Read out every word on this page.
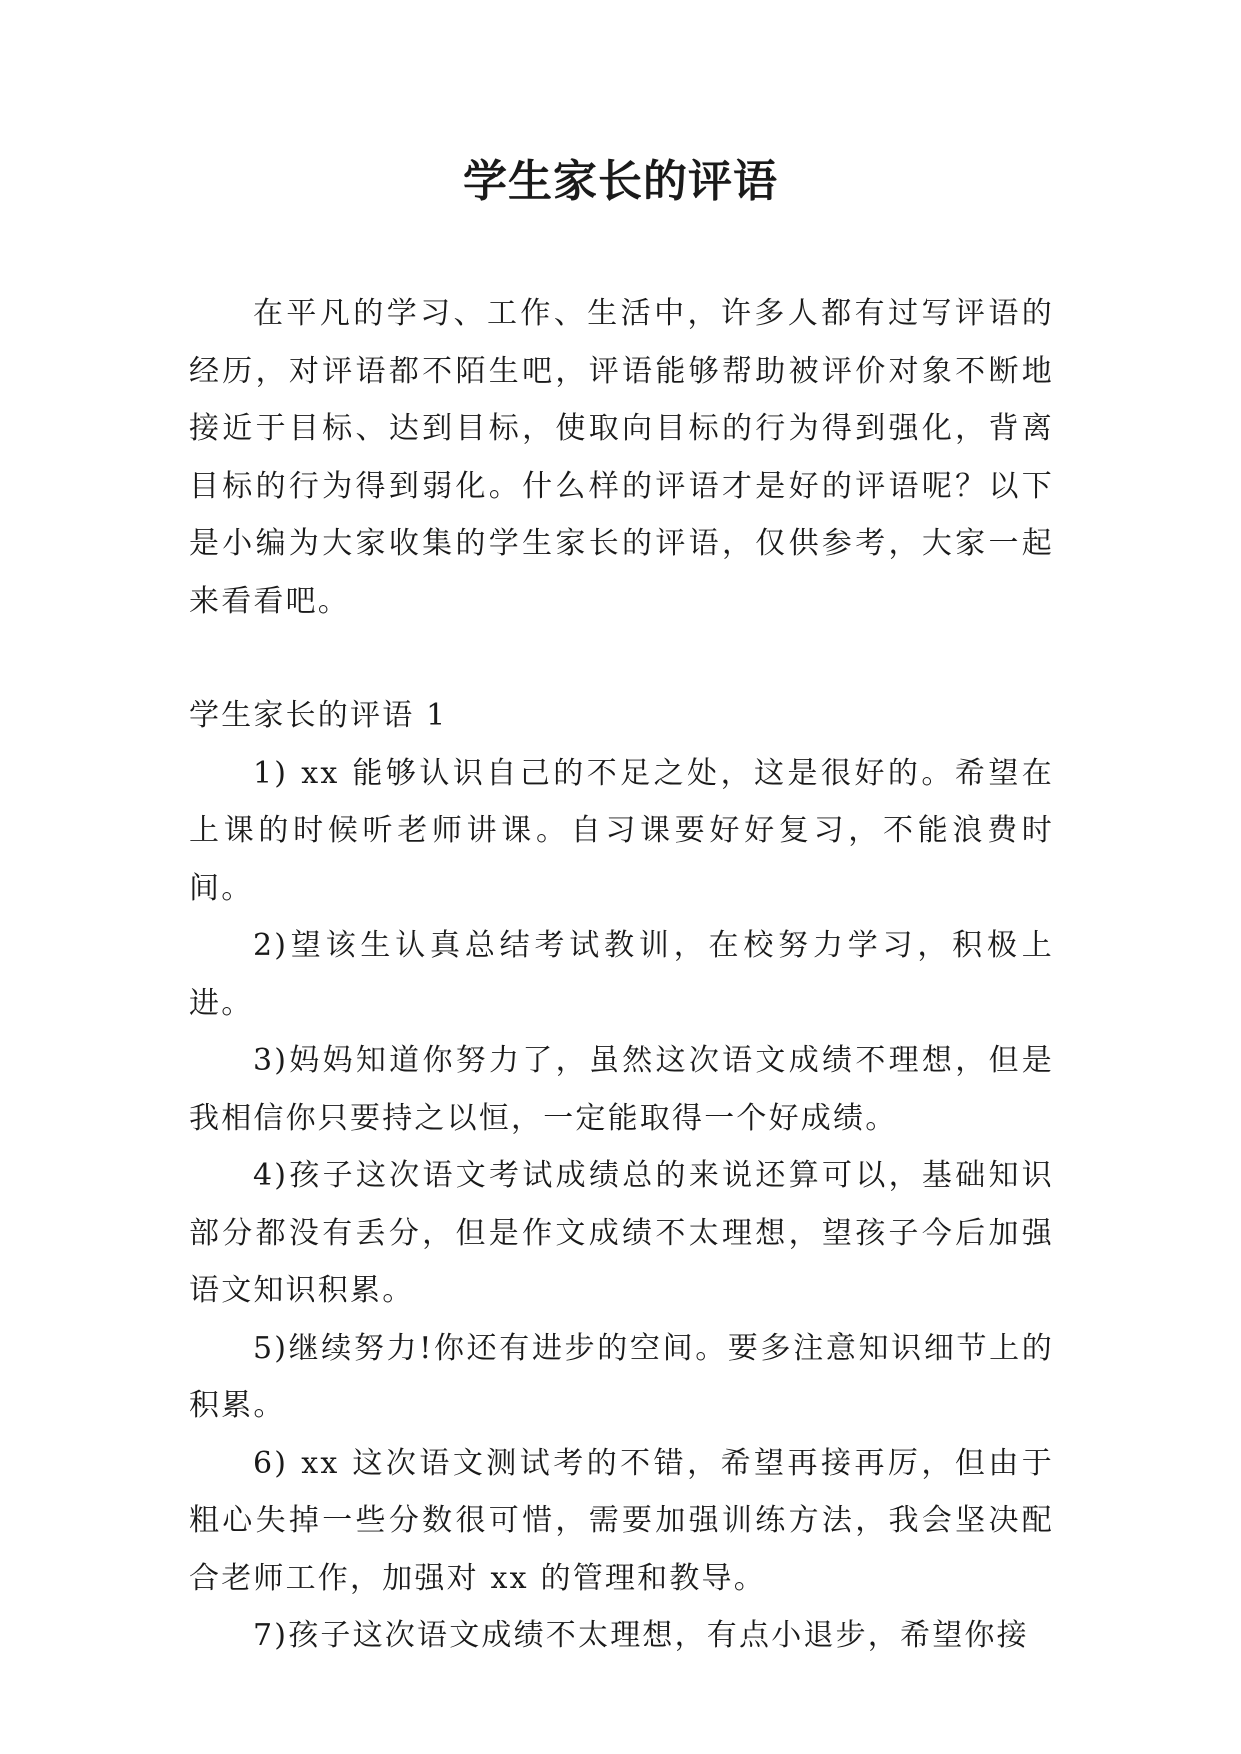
学生家长的评语

在平凡的学习、工作、生活中，许多人都有过写评语的经历，对评语都不陌生吧，评语能够帮助被评价对象不断地接近于目标、达到目标，使取向目标的行为得到强化，背离目标的行为得到弱化。什么样的评语才是好的评语呢？以下是小编为大家收集的学生家长的评语，仅供参考，大家一起来看看吧。

学生家长的评语 1

1) xx 能够认识自己的不足之处，这是很好的。希望在上课的时候听老师讲课。自习课要好好复习，不能浪费时间。

2)望该生认真总结考试教训，在校努力学习，积极上进。

3)妈妈知道你努力了，虽然这次语文成绩不理想，但是我相信你只要持之以恒，一定能取得一个好成绩。

4)孩子这次语文考试成绩总的来说还算可以，基础知识部分都没有丢分，但是作文成绩不太理想，望孩子今后加强语文知识积累。

5)继续努力!你还有进步的空间。要多注意知识细节上的积累。

6) xx 这次语文测试考的不错，希望再接再厉，但由于粗心失掉一些分数很可惜，需要加强训练方法，我会坚决配合老师工作，加强对 xx 的管理和教导。

7)孩子这次语文成绩不太理想，有点小退步，希望你接
